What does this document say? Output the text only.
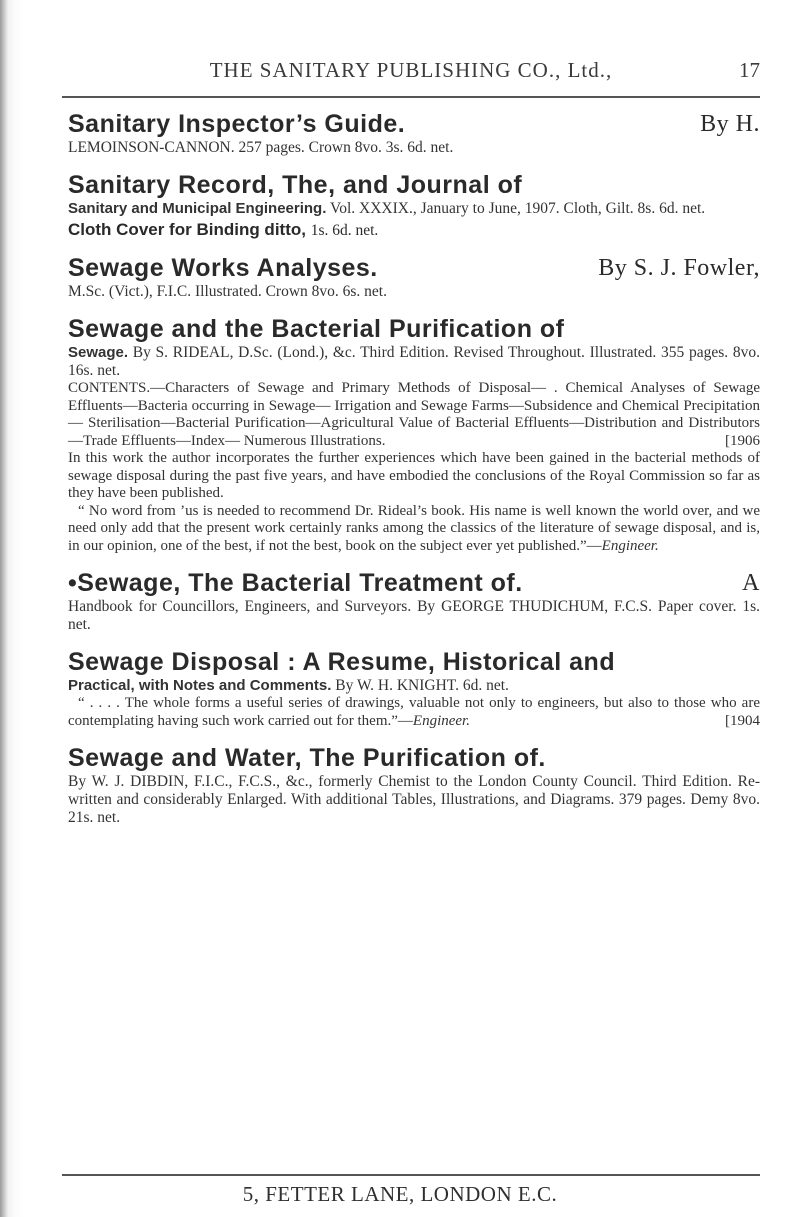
THE SANITARY PUBLISHING CO., Ltd.,	17
Sanitary Inspector’s Guide.	By H.
LEMOINSON-CANNON. 257 pages. Crown 8vo. 3s. 6d. net.
Sanitary Record, The, and Journal of
Sanitary and Municipal Engineering. Vol. XXXIX., January to June, 1907. Cloth, Gilt. 8s. 6d. net.
Cloth Cover for Binding ditto, 1s. 6d. net.
Sewage Works Analyses.	By S. J. Fowler,
M.Sc. (Vict.), F.I.C. Illustrated. Crown 8vo. 6s. net.
Sewage and the Bacterial Purification of
Sewage. By S. RIDEAL, D.Sc. (Lond.), &c. Third Edition. Revised Throughout. Illustrated. 355 pages. 8vo. 16s. net.
CONTENTS.—Characters of Sewage and Primary Methods of Disposal— . Chemical Analyses of Sewage Effluents—Bacteria occurring in Sewage— Irrigation and Sewage Farms—Subsidence and Chemical Precipitation— Sterilisation—Bacterial Purification—Agricultural Value of Bacterial Effluents—Distribution and Distributors—Trade Effluents—Index— Numerous Illustrations.	[1906
In this work the author incorporates the further experiences which have been gained in the bacterial methods of sewage disposal during the past five years, and have embodied the conclusions of the Royal Commission so far as they have been published.
“ No word from ’us is needed to recommend Dr. Rideal’s book. His name is well known the world over, and we need only add that the present work certainly ranks among the classics of the literature of sewage disposal, and is, in our opinion, one of the best, if not the best, book on the subject ever yet published.”—Engineer.
•Sewage, The Bacterial Treatment of.	A
Handbook for Councillors, Engineers, and Surveyors. By GEORGE THUDICHUM, F.C.S. Paper cover. 1s. net.
Sewage Disposal : A Resume, Historical and
Practical, with Notes and Comments. By W. H. KNIGHT. 6d. net.
“ . . . . The whole forms a useful series of drawings, valuable not only to engineers, but also to those who are contemplating having such work carried out for them.”—Engineer.	[1904
Sewage and Water, The Purification of.
By W. J. DIBDIN, F.I.C., F.C.S., &c., formerly Chemist to the London County Council. Third Edition. Re-written and considerably Enlarged. With additional Tables, Illustrations, and Diagrams. 379 pages. Demy 8vo. 21s. net.
5, FETTER LANE, LONDON E.C.
